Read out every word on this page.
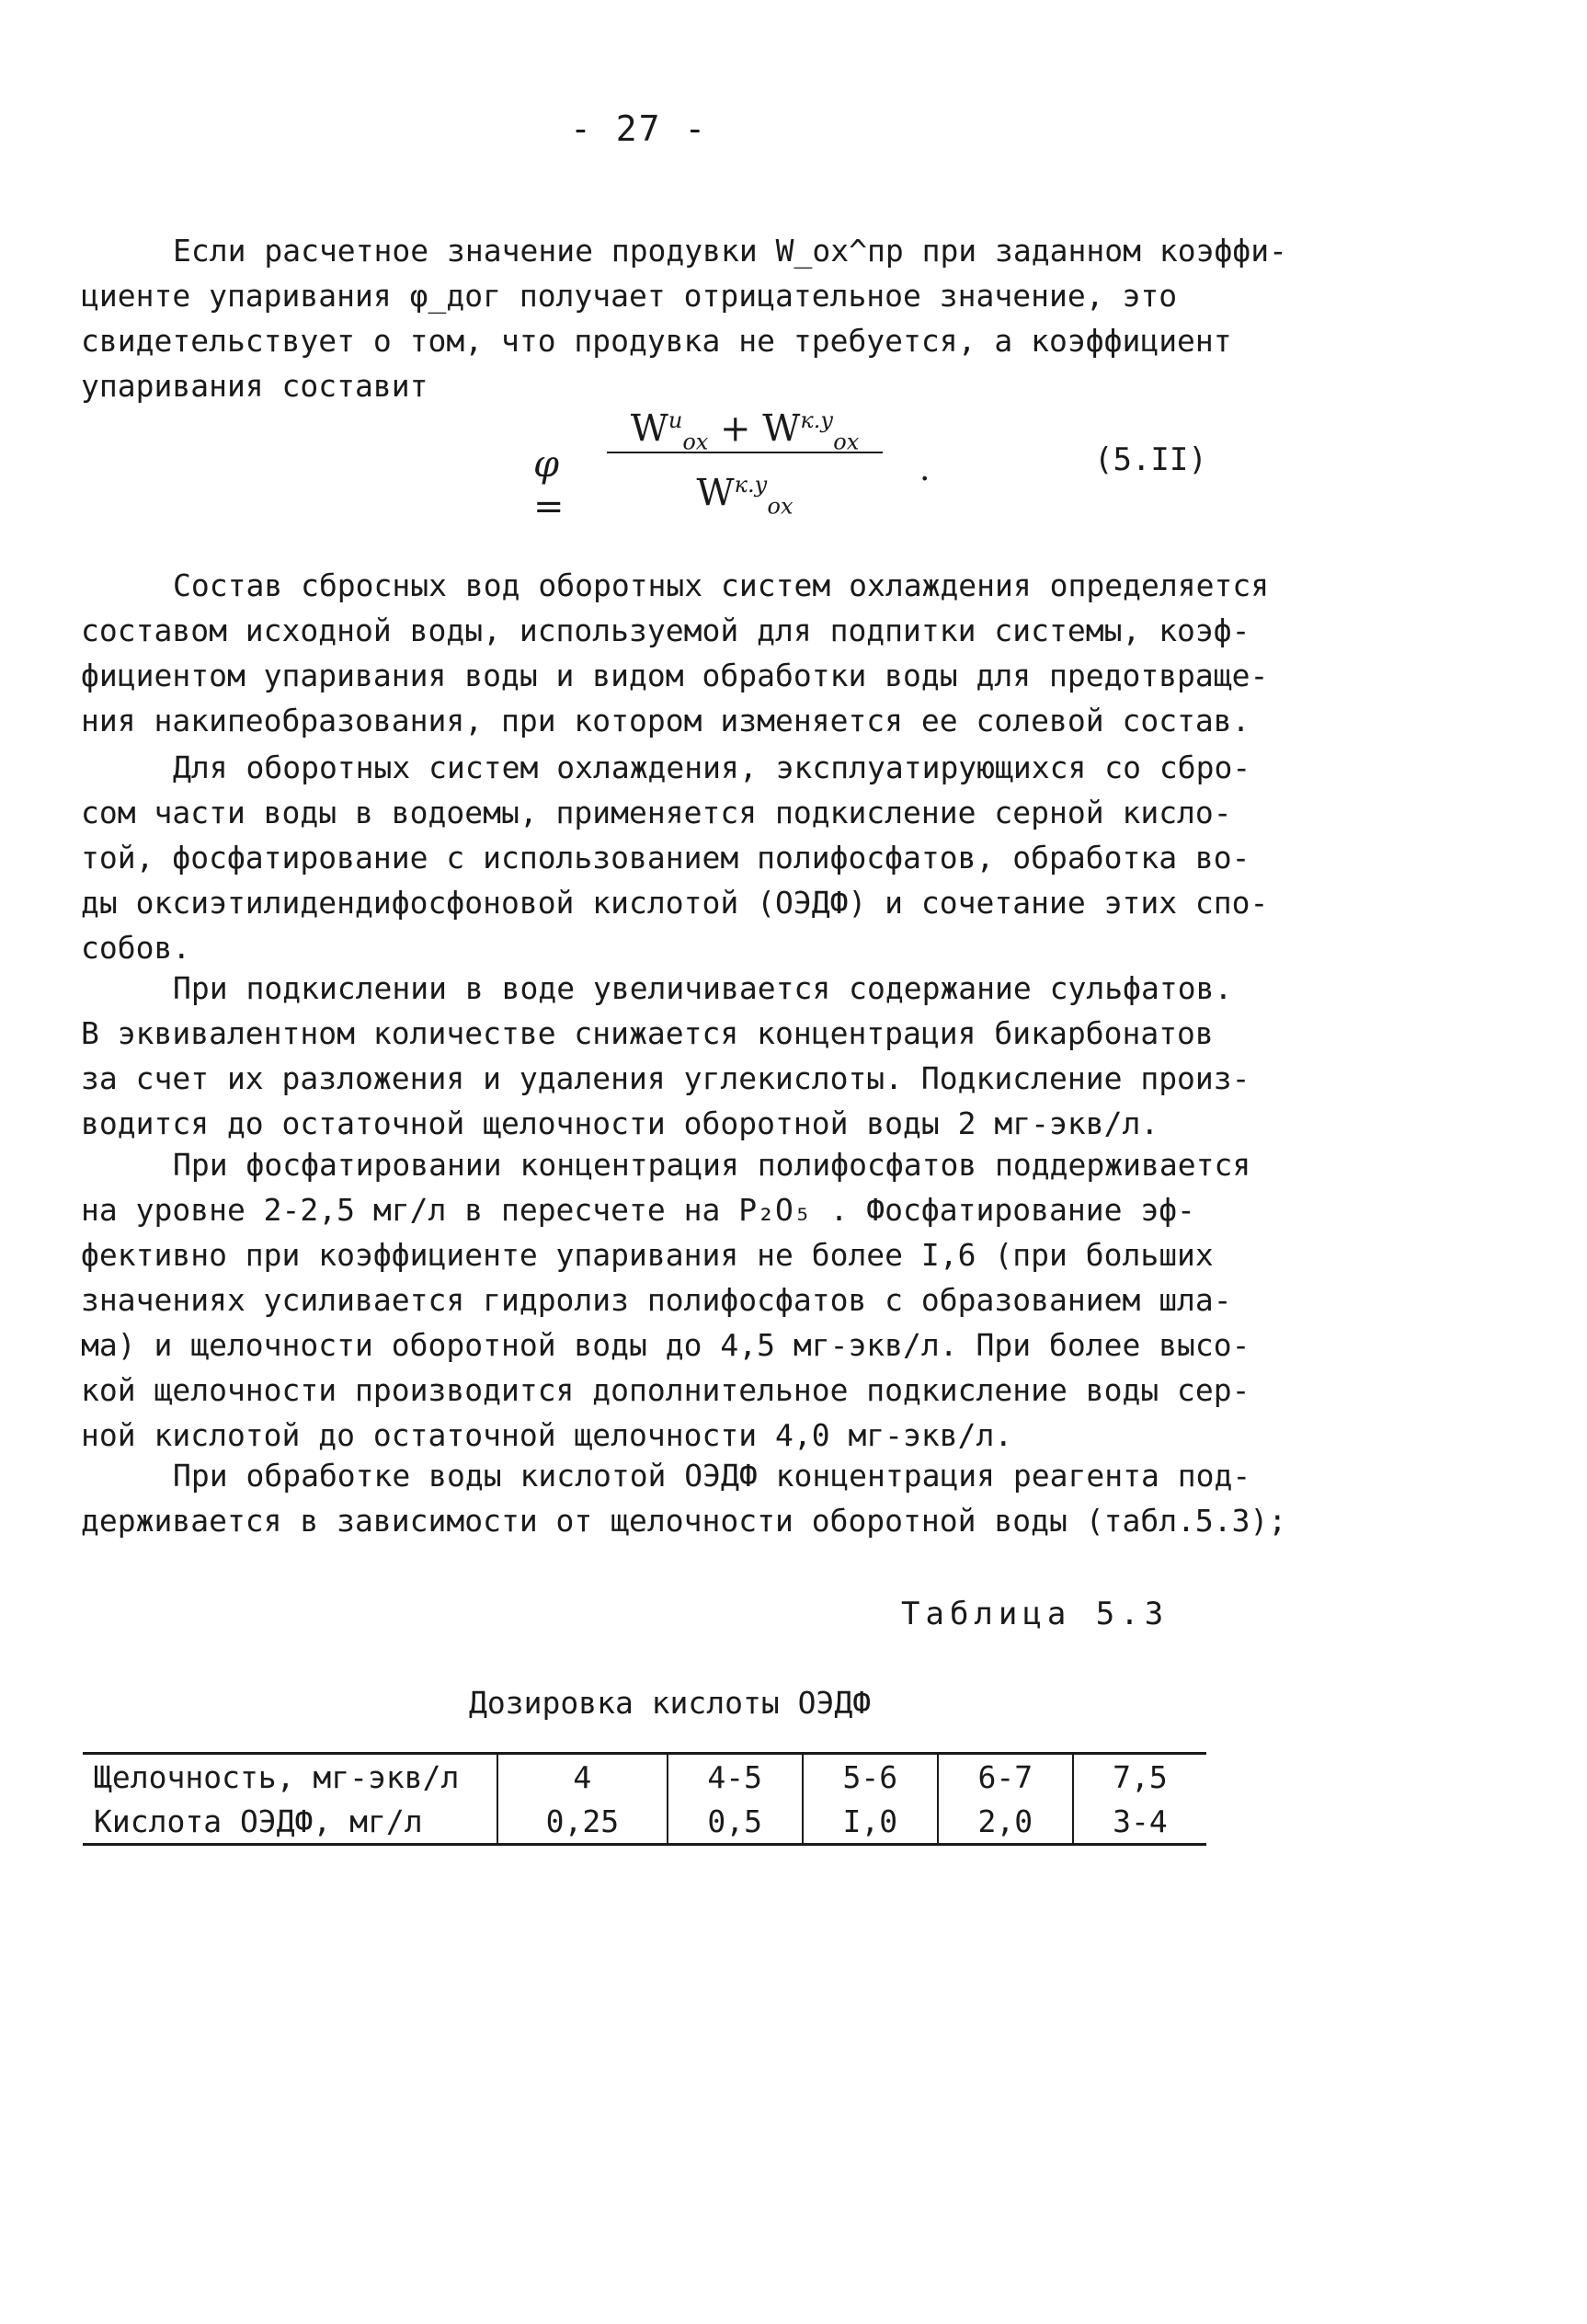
- 27 -

Если расчетное значение продувки W_ох^пр при заданном коэффи-
циенте упаривания φ_дог получает отрицательное значение, это
свидетельствует о том, что продувка не требуется, а коэффициент
упаривания составит

φ =
$W^и_{ох} + W^{к.у}_{ох}$
$W^{к.у}_{ох}$
.	(5.II)

Состав сбросных вод оборотных систем охлаждения определяется
составом исходной воды, используемой для подпитки системы, коэф-
фициентом упаривания воды и видом обработки воды для предотвраще-
ния накипеобразования, при котором изменяется ее солевой состав.

Для оборотных систем охлаждения, эксплуатирующихся со сбро-
сом части воды в водоемы, применяется подкисление серной кисло-
той, фосфатирование с использованием полифосфатов, обработка во-
ды оксиэтилидендифосфоновой кислотой (ОЭДФ) и сочетание этих спо-
собов.

При подкислении в воде увеличивается содержание сульфатов.
В эквивалентном количестве снижается концентрация бикарбонатов
за счет их разложения и удаления углекислоты. Подкисление произ-
водится до остаточной щелочности оборотной воды 2 мг-экв/л.

При фосфатировании концентрация полифосфатов поддерживается
на уровне 2-2,5 мг/л в пересчете на P₂O₅ . Фосфатирование эф-
фективно при коэффициенте упаривания не более I,6 (при больших
значениях усиливается гидролиз полифосфатов с образованием шла-
ма) и щелочности оборотной воды до 4,5 мг-экв/л. При более высо-
кой щелочности производится дополнительное подкисление воды сер-
ной кислотой до остаточной щелочности 4,0 мг-экв/л.

При обработке воды кислотой ОЭДФ концентрация реагента под-
держивается в зависимости от щелочности оборотной воды (табл.5.3);

Таблица 5.3
Дозировка кислоты ОЭДФ
Щелочность, мг-экв/л	4	4-5	5-6	6-7	7,5
Кислота ОЭДФ, мг/л	0,25	0,5	I,0	2,0	3-4
